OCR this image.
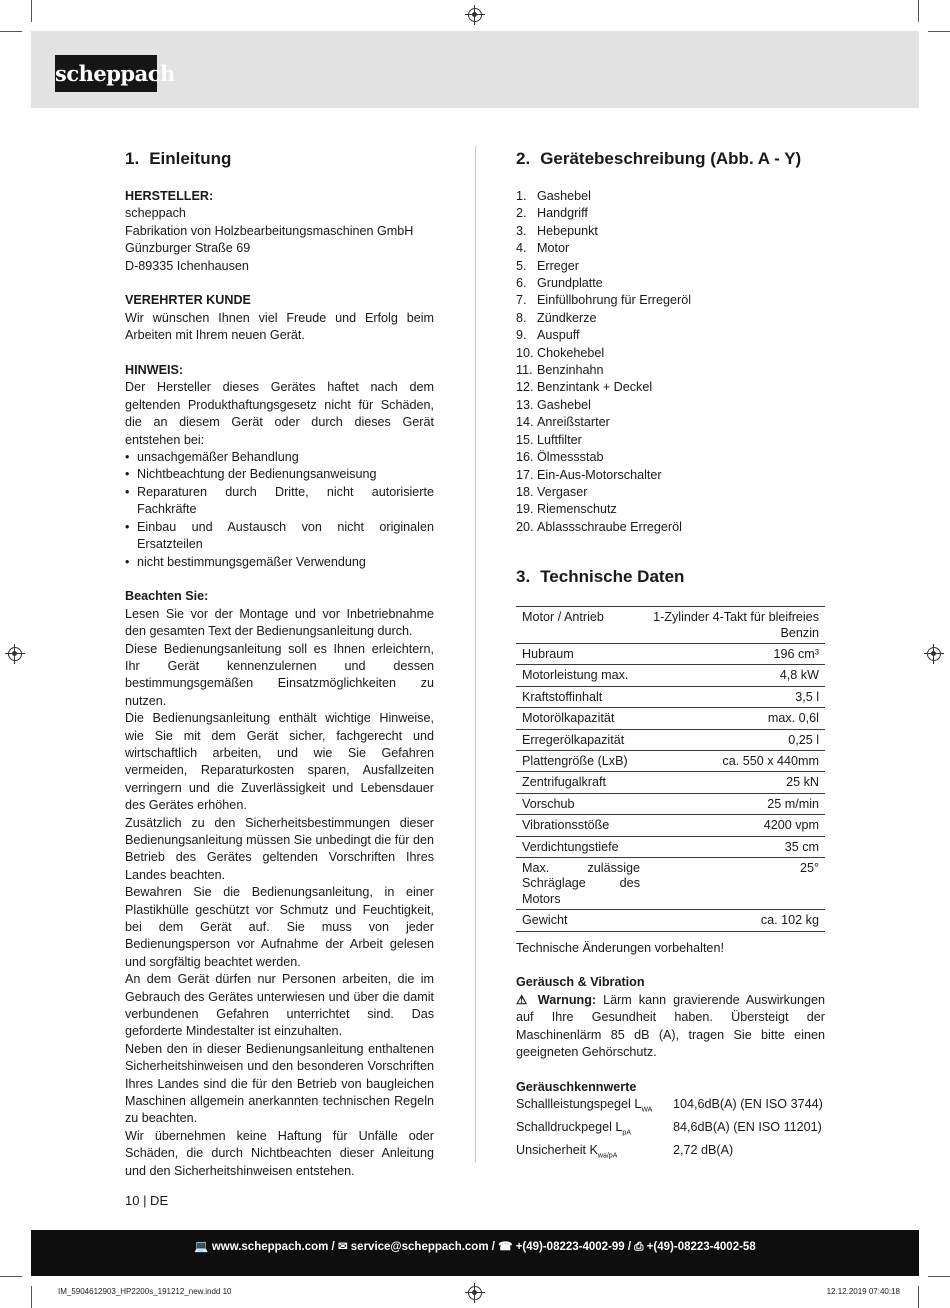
scheppach
1. Einleitung
HERSTELLER:

scheppach

Fabrikation von Holzbearbeitungsmaschinen GmbH

Günzburger Straße 69

D-89335 Ichenhausen

VEREHRTER KUNDE

Wir wünschen Ihnen viel Freude und Erfolg beim Arbeiten mit Ihrem neuen Gerät.

HINWEIS:

Der Hersteller dieses Gerätes haftet nach dem geltenden Produkthaftungsgesetz nicht für Schäden, die an diesem Gerät oder durch dieses Gerät entstehen bei:

• unsachgemäßer Behandlung
• Nichtbeachtung der Bedienungsanweisung
• Reparaturen durch Dritte, nicht autorisierte Fachkräfte
• Einbau und Austausch von nicht originalen Ersatzteilen
• nicht bestimmungsgemäßer Verwendung
Beachten Sie:

Lesen Sie vor der Montage und vor Inbetriebnahme den gesamten Text der Bedienungsanleitung durch.

Diese Bedienungsanleitung soll es Ihnen erleichtern, Ihr Gerät kennenzulernen und dessen bestimmungsgemäßen Einsatzmöglichkeiten zu nutzen.

Die Bedienungsanleitung enthält wichtige Hinweise, wie Sie mit dem Gerät sicher, fachgerecht und wirtschaftlich arbeiten, und wie Sie Gefahren vermeiden, Reparaturkosten sparen, Ausfallzeiten verringern und die Zuverlässigkeit und Lebensdauer des Gerätes erhöhen.

Zusätzlich zu den Sicherheitsbestimmungen dieser Bedienungsanleitung müssen Sie unbedingt die für den Betrieb des Gerätes geltenden Vorschriften Ihres Landes beachten.

Bewahren Sie die Bedienungsanleitung, in einer Plastikhülle geschützt vor Schmutz und Feuchtigkeit, bei dem Gerät auf. Sie muss von jeder Bedienungsperson vor Aufnahme der Arbeit gelesen und sorgfältig beachtet werden.

An dem Gerät dürfen nur Personen arbeiten, die im Gebrauch des Gerätes unterwiesen und über die damit verbundenen Gefahren unterrichtet sind. Das geforderte Mindestalter ist einzuhalten.

Neben den in dieser Bedienungsanleitung enthaltenen Sicherheitshinweisen und den besonderen Vorschriften Ihres Landes sind die für den Betrieb von baugleichen Maschinen allgemein anerkannten technischen Regeln zu beachten.

Wir übernehmen keine Haftung für Unfälle oder Schäden, die durch Nichtbeachten dieser Anleitung und den Sicherheitshinweisen entstehen.

2. Gerätebeschreibung (Abb. A - Y)
1. Gashebel
2. Handgriff
3. Hebepunkt
4. Motor
5. Erreger
6. Grundplatte
7. Einfüllbohrung für Erregeröl
8. Zündkerze
9. Auspuff
10. Chokehebel
11. Benzinhahn
12. Benzintank + Deckel
13. Gashebel
14. Anreißstarter
15. Luftfilter
16. Ölmessstab
17. Ein-Aus-Motorschalter
18. Vergaser
19. Riemenschutz
20. Ablassschraube Erregeröl
3. Technische Daten
Motor / Antrieb	1-Zylinder 4-Takt für bleifreies Benzin
Hubraum	196 cm³
Motorleistung max.	4,8 kW
Kraftstoffinhalt	3,5 l
Motorölkapazität	max. 0,6l
Erregerölkapazität	0,25 l
Plattengröße (LxB)	ca. 550 x 440mm
Zentrifugalkraft	25 kN
Vorschub	25 m/min
Vibrationsstöße	4200 vpm
Verdichtungstiefe	35 cm
Max. zulässige Schräglage des Motors	25°
Gewicht	ca. 102 kg

Technische Änderungen vorbehalten!

Geräusch & Vibration

⚠ Warnung: Lärm kann gravierende Auswirkungen auf Ihre Gesundheit haben. Übersteigt der Maschinenlärm 85 dB (A), tragen Sie bitte einen geeigneten Gehörschutz.

Geräuschkennwerte
Schallleistungspegel $L_{WA}$	104,6dB(A) (EN ISO 3744)
Schalldruckpegel $L_{pA}$	84,6dB(A) (EN ISO 11201)
Unsicherheit $K_{wa/pA}$	2,72 dB(A)
10 | DE
💻 www.scheppach.com / ✉ service@scheppach.com / ☎ +(49)-08223-4002-99 / ⎙ +(49)-08223-4002-58
IM_5904612903_HP2200s_191212_new.indd 10	12.12.2019 07:40:18
